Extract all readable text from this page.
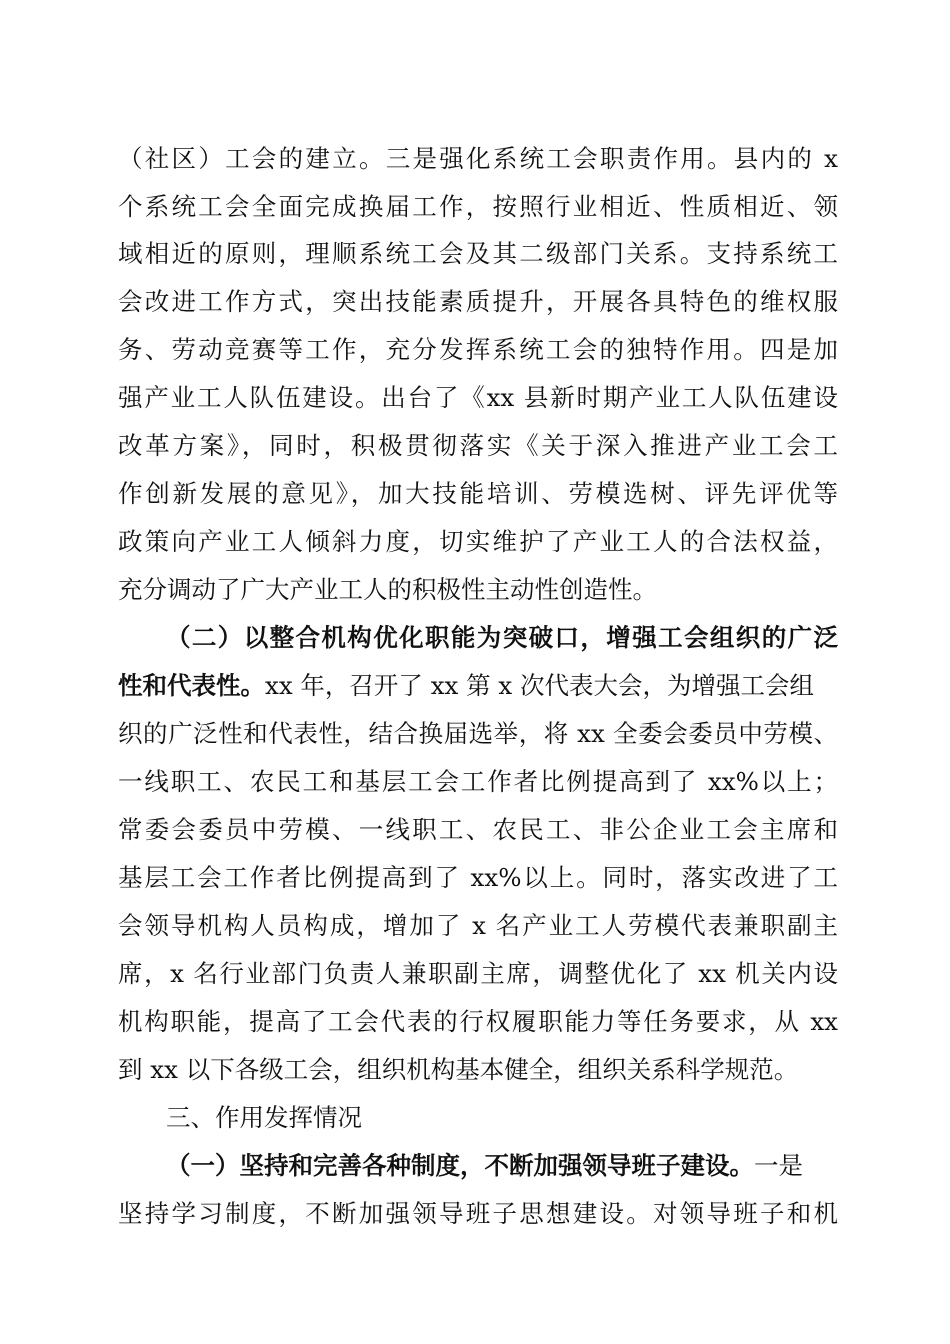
（社区）工会的建立。三是强化系统工会职责作用。县内的 x
个系统工会全面完成换届工作，按照行业相近、性质相近、领
域相近的原则，理顺系统工会及其二级部门关系。支持系统工
会改进工作方式，突出技能素质提升，开展各具特色的维权服
务、劳动竞赛等工作，充分发挥系统工会的独特作用。四是加
强产业工人队伍建设。出台了《xx 县新时期产业工人队伍建设
改革方案》，同时，积极贯彻落实《关于深入推进产业工会工
作创新发展的意见》，加大技能培训、劳模选树、评先评优等
政策向产业工人倾斜力度，切实维护了产业工人的合法权益，
充分调动了广大产业工人的积极性主动性创造性。
（二）以整合机构优化职能为突破口，增强工会组织的广泛
性和代表性。xx 年，召开了 xx 第 x 次代表大会，为增强工会组
织的广泛性和代表性，结合换届选举，将 xx 全委会委员中劳模、
一线职工、农民工和基层工会工作者比例提高到了 xx%以上；
常委会委员中劳模、一线职工、农民工、非公企业工会主席和
基层工会工作者比例提高到了 xx%以上。同时，落实改进了工
会领导机构人员构成，增加了 x 名产业工人劳模代表兼职副主
席，x 名行业部门负责人兼职副主席，调整优化了 xx 机关内设
机构职能，提高了工会代表的行权履职能力等任务要求，从 xx
到 xx 以下各级工会，组织机构基本健全，组织关系科学规范。
三、作用发挥情况
（一）坚持和完善各种制度，不断加强领导班子建设。一是
坚持学习制度，不断加强领导班子思想建设。对领导班子和机
